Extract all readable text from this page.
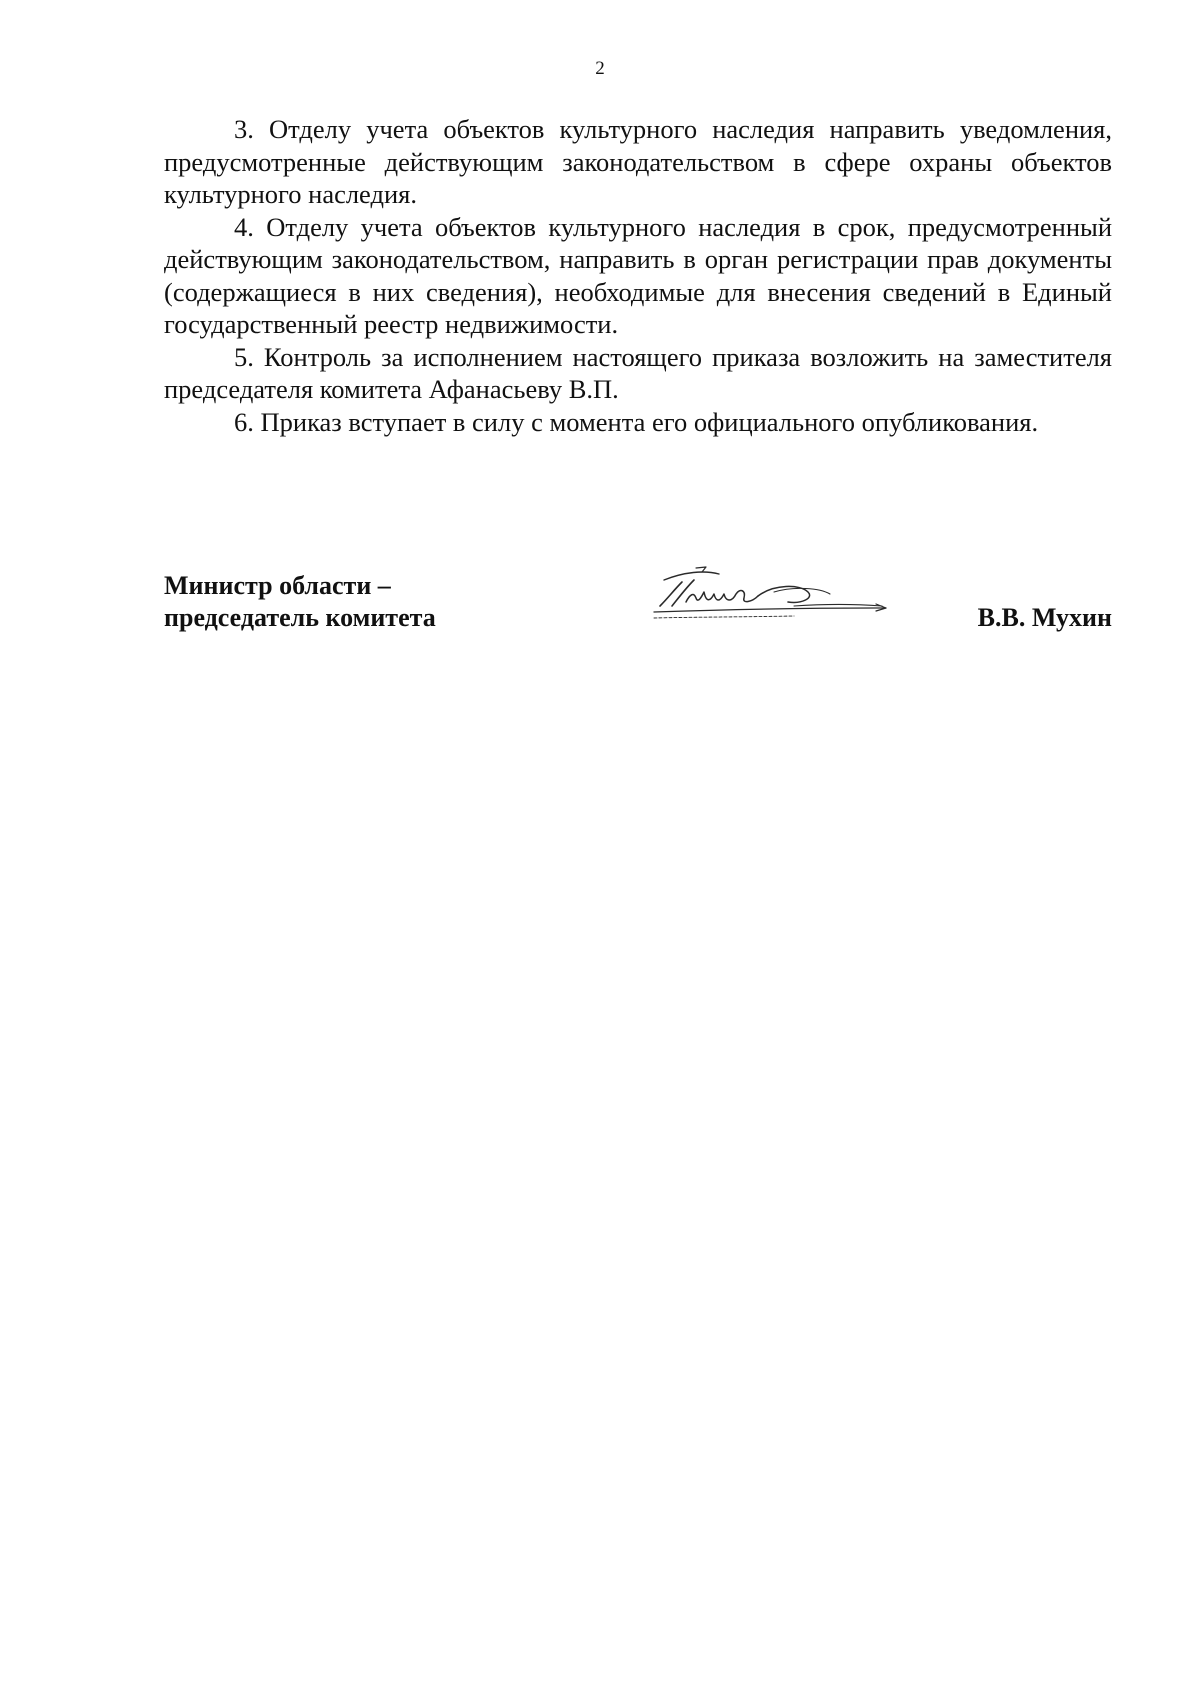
2

3. Отделу учета объектов культурного наследия направить уведомления, предусмотренные действующим законодательством в сфере охраны объектов культурного наследия.

4. Отделу учета объектов культурного наследия в срок, предусмотренный действующим законодательством, направить в орган регистрации прав документы (содержащиеся в них сведения), необходимые для внесения сведений в Единый государственный реестр недвижимости.

5. Контроль за исполнением настоящего приказа возложить на заместителя председателя комитета Афанасьеву В.П.

6. Приказ вступает в силу с момента его официального опубликования.

Министр области –
председатель комитета	В.В. Мухин
